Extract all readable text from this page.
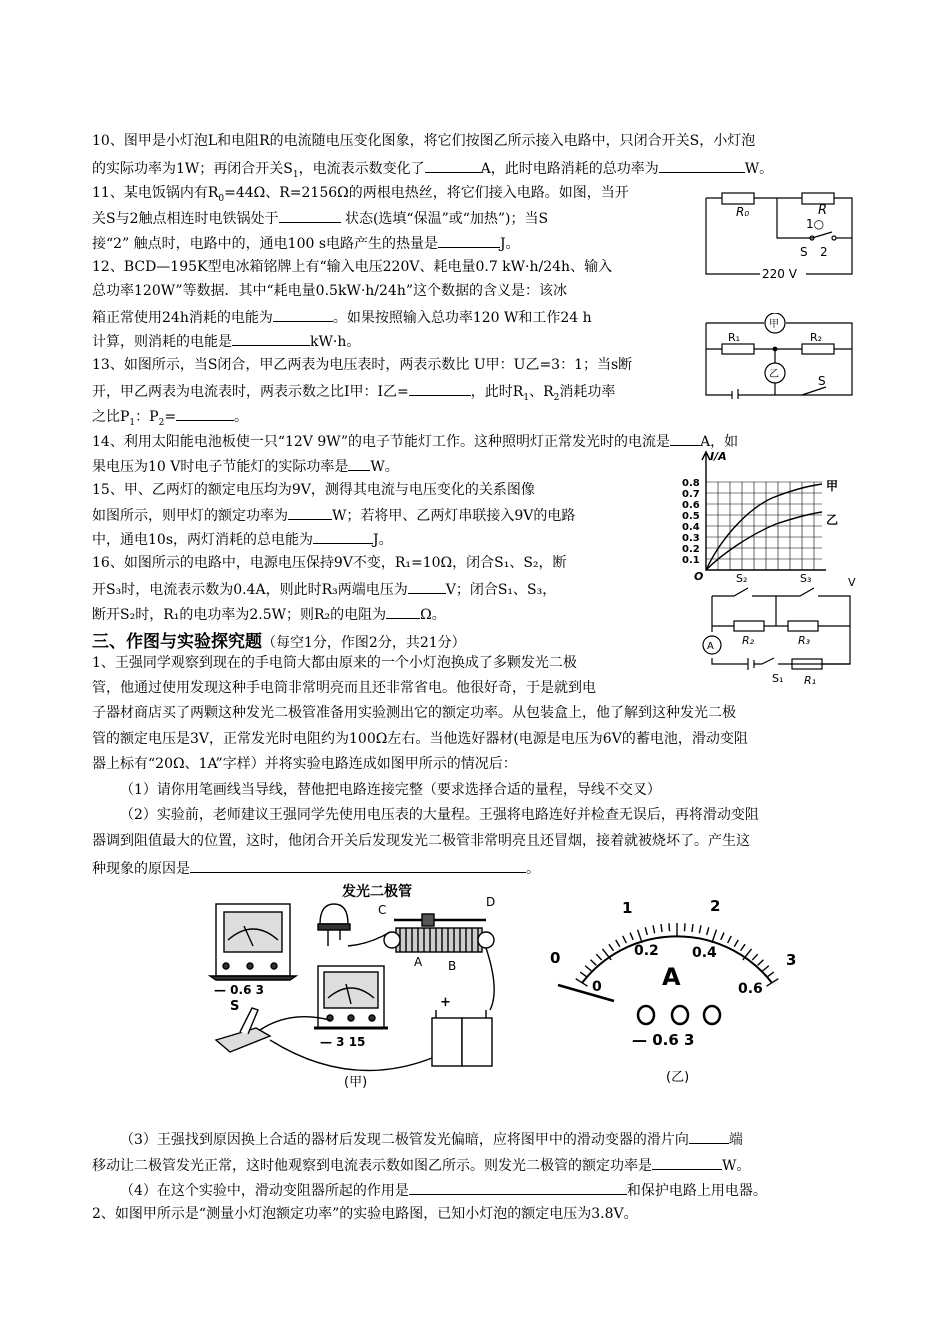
10、图甲是小灯泡L和电阻R的电流随电压变化图象，将它们按图乙所示接入电路中，只闭合开关S，小灯泡
的实际功率为1W；再闭合开关$S_1$，电流表示数变化了	A，此时电路消耗的总功率为	W。
11、某电饭锅内有$R_0=44\Omega$、R=2156Ω的两根电热丝，将它们接入电路。如图，当开
关S与2触点相连时电铁锅处于	状态(选填“保温”或“加热”)；当S
接“2” 触点时，电路中的，通电100 s电路产生的热量是	J。
12、BCD—195K型电冰箱铭牌上有“输入电压220V、耗电量0.7 kW·h/24h、输入
总功率120W”等数据．其中“耗电量0.5kW·h/24h”这个数据的含义是：该冰
箱正常使用24h消耗的电能为	。如果按照输入总功率120 W和工作24 h
计算，则消耗的电能是	kW·h。
13、如图所示，当S闭合，甲乙两表为电压表时，两表示数比 U甲：U乙=3：1；当s断
开，甲乙两表为电流表时，两表示数之比I甲：I乙=	，此时$R_1$、$R_2$消耗功率
之比$P_1$：$P_2=$	。
14、利用太阳能电池板使一只“12V 9W”的电子节能灯工作。这种照明灯正常发光时的电流是 A，如
果电压为10 V时电子节能灯的实际功率是 W。
15、甲、乙两灯的额定电压均为9V，测得其电流与电压变化的关系图像
如图所示，则甲灯的额定功率为	W；若将甲、乙两灯串联接入9V的电路
中，通电10s，两灯消耗的总电能为	J。
16、如图所示的电路中，电源电压保持9V不变，R₁=10Ω，闭合S₁、S₂，断
开S₃时，电流表示数为0.4A，则此时R₃两端电压为	V；闭合S₁、S₃，
断开S₂时，R₁的电功率为2.5W；则R₂的电阻为 Ω。
三、作图与实验探究题（每空1分，作图2分，共21分）
1、王强同学观察到现在的手电筒大都由原来的一个小灯泡换成了多颗发光二极
管，他通过使用发现这种手电筒非常明亮而且还非常省电。他很好奇，于是就到电
子器材商店买了两颗这种发光二极管准备用实验测出它的额定功率。从包装盒上，他了解到这种发光二极
管的额定电压是3V，正常发光时电阻约为100Ω左右。当他选好器材(电源是电压为6V的蓄电池，滑动变阻
器上标有“20Ω、1A”字样）并将实验电路连成如图甲所示的情况后：
（1）请你用笔画线当导线，替他把电路连接完整（要求选择合适的量程，导线不交叉）
（2）实验前，老师建议王强同学先使用电压表的大量程。王强将电路连好并检查无误后，再将滑动变阻
器调到阻值最大的位置，这时，他闭合开关后发现发光二极管非常明亮且还冒烟，接着就被烧坏了。产生这
种现象的原因是	。
（3）王强找到原因换上合适的器材后发现二极管发光偏暗，应将图甲中的滑动变器的滑片向	端
移动让二极管发光正常，这时他观察到电流表示数如图乙所示。则发光二极管的额定功率是	W。
（4）在这个实验中，滑动变阻器所起的作用是	和保护电路上用电器。
2、如图甲所示是“测量小灯泡额定功率”的实验电路图，已知小灯泡的额定电压为3.8V。
R₀	R
1○
S 2
220 V
甲
乙
R₁	R₂
S
I/A
0.8
0.7
0.6
0.5
0.4
0.3
0.2
0.1
O
甲
乙
S₂	S₃	V
A	R₂	R₃
S₁ R₁
发光二极管
C
D
A B
— 0.6 3
— 3 15
S	+
(甲)
0
1	2
3
0
0.2 0.4
0.6
A
— 0.6 3
(乙)
